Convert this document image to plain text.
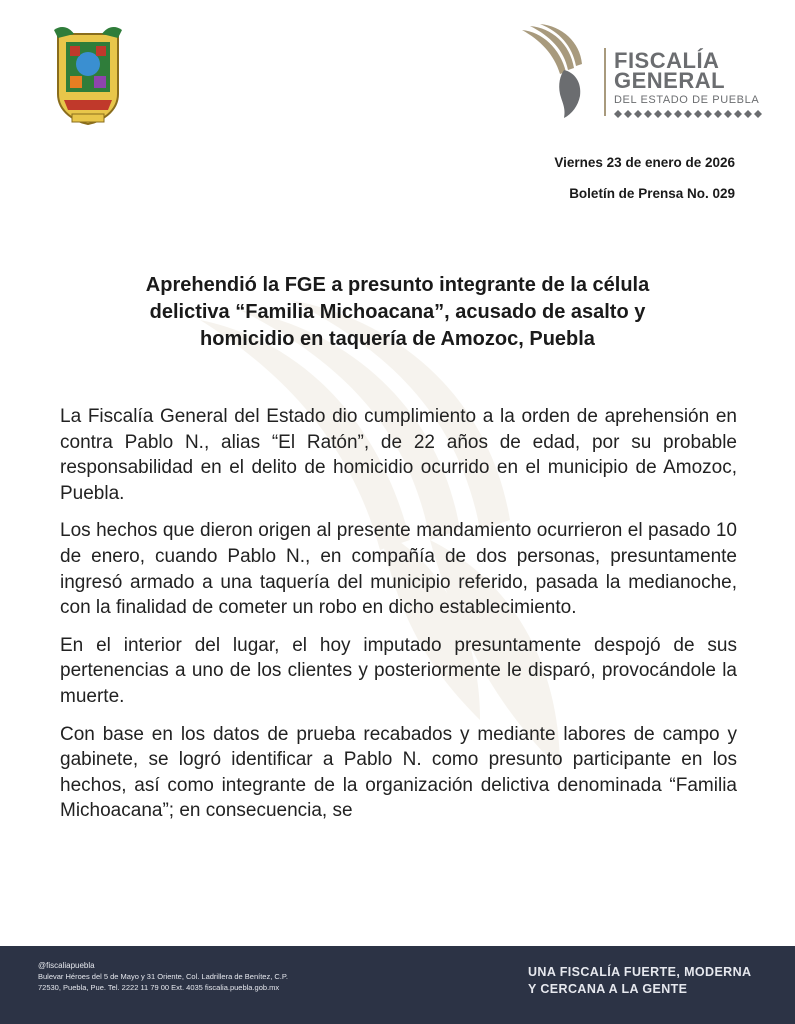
FISCALÍA
GENERAL
DEL ESTADO DE PUEBLA
Viernes 23 de enero de 2026
Boletín de Prensa No. 029
Aprehendió la FGE a presunto integrante de la célula
delictiva “Familia Michoacana”, acusado de asalto y
homicidio en taquería de Amozoc, Puebla

La Fiscalía General del Estado dio cumplimiento a la orden de aprehensión en contra Pablo N., alias “El Ratón”, de 22 años de edad, por su probable responsabilidad en el delito de homicidio ocurrido en el municipio de Amozoc, Puebla.

Los hechos que dieron origen al presente mandamiento ocurrieron el pasado 10 de enero, cuando Pablo N., en compañía de dos personas, presuntamente ingresó armado a una taquería del municipio referido, pasada la medianoche, con la finalidad de cometer un robo en dicho establecimiento.

En el interior del lugar, el hoy imputado presuntamente despojó de sus pertenencias a uno de los clientes y posteriormente le disparó, provocándole la muerte.

Con base en los datos de prueba recabados y mediante labores de campo y gabinete, se logró identificar a Pablo N. como presunto participante en los hechos, así como integrante de la organización delictiva denominada “Familia Michoacana”; en consecuencia, se

@fiscaliapuebla
Bulevar Héroes del 5 de Mayo y 31 Oriente, Col. Ladrillera de Benítez, C.P.
72530, Puebla, Pue. Tel. 2222 11 79 00 Ext. 4035 fiscalia.puebla.gob.mx
UNA FISCALÍA FUERTE, MODERNA
Y CERCANA A LA GENTE
